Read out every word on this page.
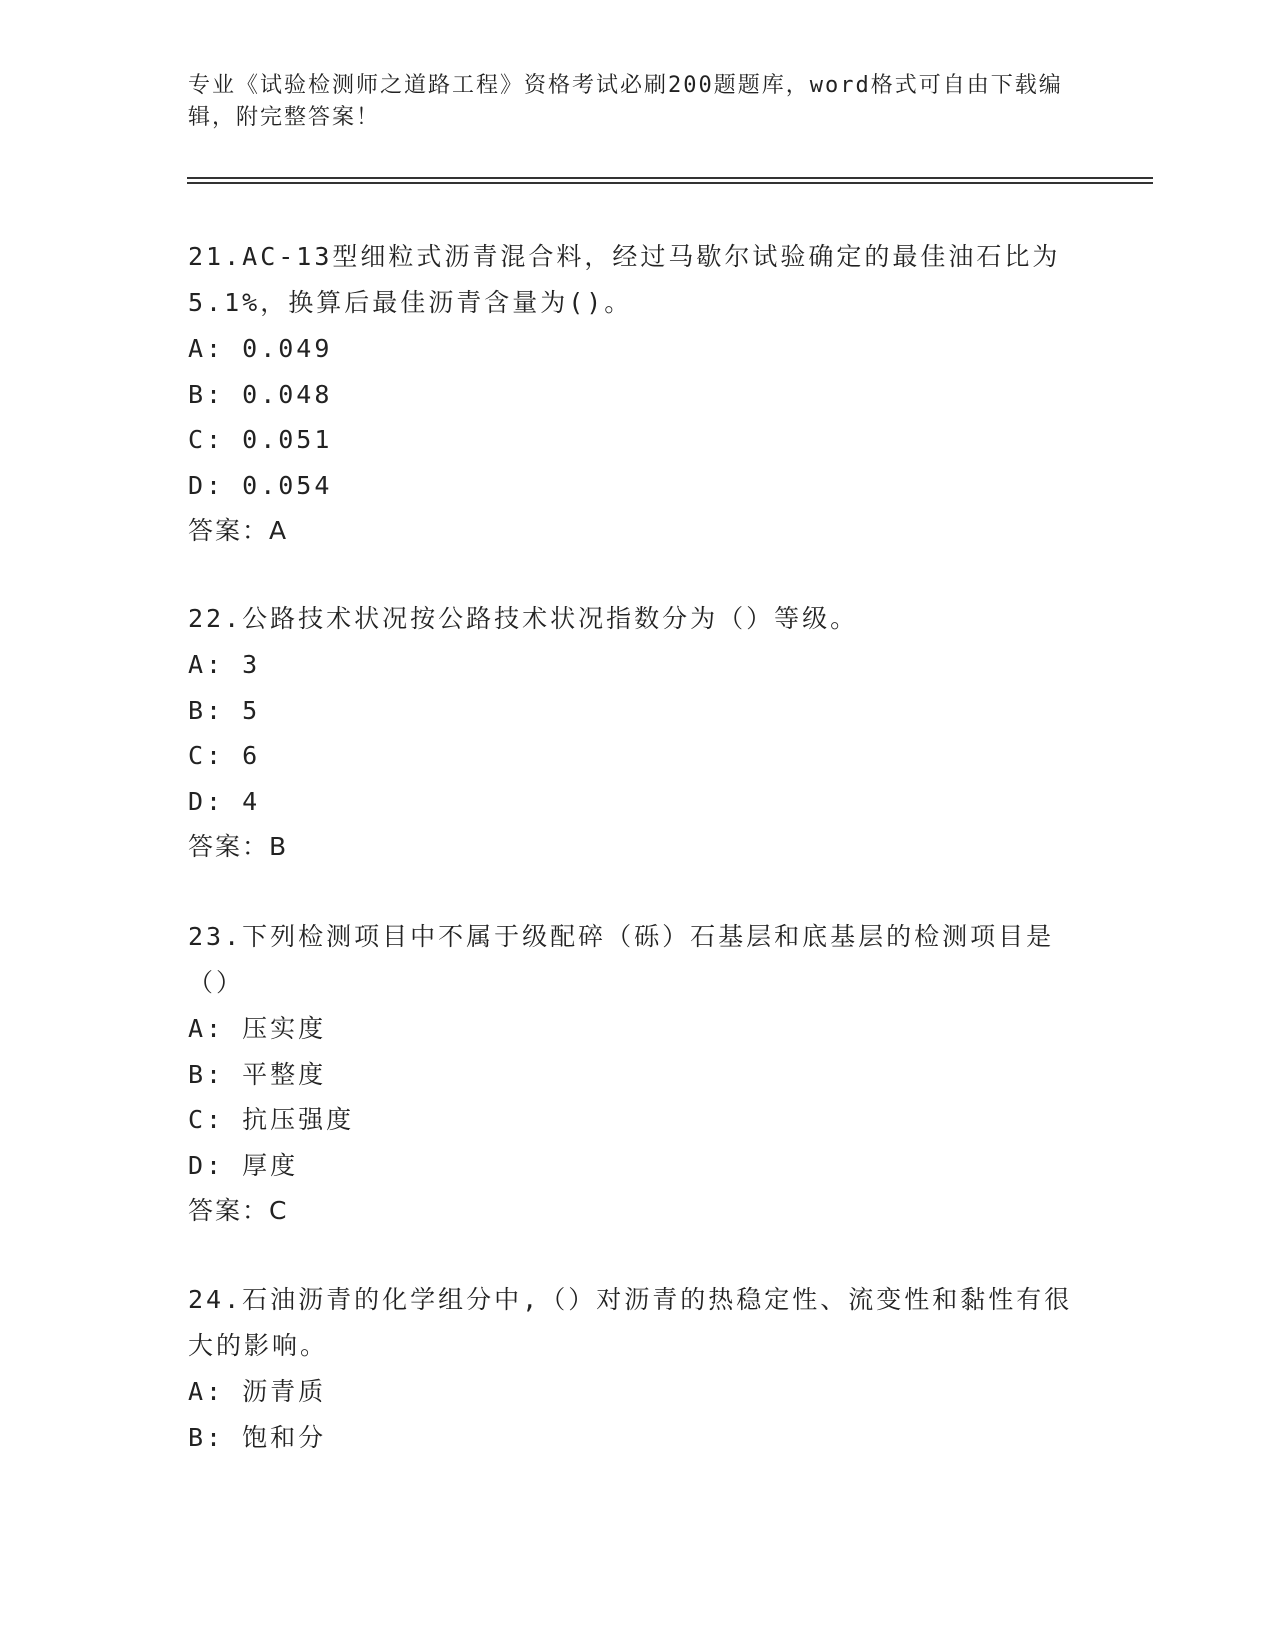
专业《试验检测师之道路工程》资格考试必刷200题题库，word格式可自由下载编辑，附完整答案！
21.AC-13型细粒式沥青混合料，经过马歇尔试验确定的最佳油石比为5.1%，换算后最佳沥青含量为()。
A: 0.049
B: 0.048
C: 0.051
D: 0.054
答案：A
22.公路技术状况按公路技术状况指数分为（）等级。
A: 3
B: 5
C: 6
D: 4
答案：B
23.下列检测项目中不属于级配碎（砾）石基层和底基层的检测项目是（）
A: 压实度
B: 平整度
C: 抗压强度
D: 厚度
答案：C
24.石油沥青的化学组分中,（）对沥青的热稳定性、流变性和黏性有很大的影响。
A: 沥青质
B: 饱和分
